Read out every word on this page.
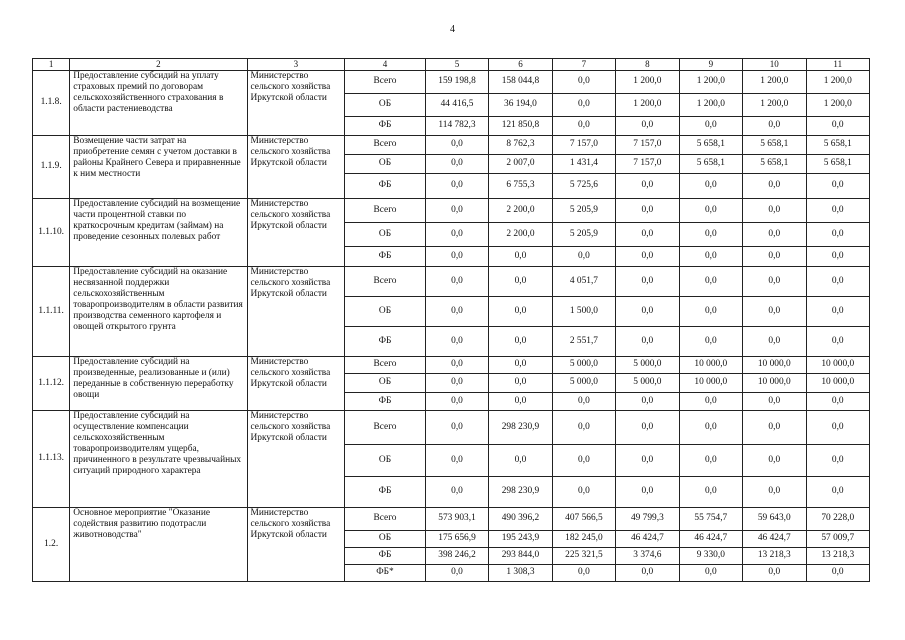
4
1	2	3	4	5	6	7	8	9	10	11
1.1.8.	Предоставление субсидий на уплату страховых премий по договорам сельскохозяйственного страхования в области растениеводства	Министерство сельского хозяйства Иркутской области	Всего	159 198,8	158 044,8	0,0	1 200,0	1 200,0	1 200,0	1 200,0
			ОБ	44 416,5	36 194,0	0,0	1 200,0	1 200,0	1 200,0	1 200,0
			ФБ	114 782,3	121 850,8	0,0	0,0	0,0	0,0	0,0
1.1.9.	Возмещение части затрат на приобретение семян с учетом доставки в районы Крайнего Севера и приравненные к ним местности	Министерство сельского хозяйства Иркутской области	Всего	0,0	8 762,3	7 157,0	7 157,0	5 658,1	5 658,1	5 658,1
			ОБ	0,0	2 007,0	1 431,4	7 157,0	5 658,1	5 658,1	5 658,1
			ФБ	0,0	6 755,3	5 725,6	0,0	0,0	0,0	0,0
1.1.10.	Предоставление субсидий на возмещение части процентной ставки по краткосрочным кредитам (займам) на проведение сезонных полевых работ	Министерство сельского хозяйства Иркутской области	Всего	0,0	2 200,0	5 205,9	0,0	0,0	0,0	0,0
			ОБ	0,0	2 200,0	5 205,9	0,0	0,0	0,0	0,0
			ФБ	0,0	0,0	0,0	0,0	0,0	0,0	0,0
1.1.11.	Предоставление субсидий на оказание несвязанной поддержки сельскохозяйственным товаропроизводителям в области развития производства семенного картофеля и овощей открытого грунта	Министерство сельского хозяйства Иркутской области	Всего	0,0	0,0	4 051,7	0,0	0,0	0,0	0,0
			ОБ	0,0	0,0	1 500,0	0,0	0,0	0,0	0,0
			ФБ	0,0	0,0	2 551,7	0,0	0,0	0,0	0,0
1.1.12.	Предоставление субсидий на произведенные, реализованные и (или) переданные в собственную переработку овощи	Министерство сельского хозяйства Иркутской области	Всего	0,0	0,0	5 000,0	5 000,0	10 000,0	10 000,0	10 000,0
			ОБ	0,0	0,0	5 000,0	5 000,0	10 000,0	10 000,0	10 000,0
			ФБ	0,0	0,0	0,0	0,0	0,0	0,0	0,0
1.1.13.	Предоставление субсидий на осуществление компенсации сельскохозяйственным товаропроизводителям ущерба, причиненного в результате чрезвычайных ситуаций природного характера	Министерство сельского хозяйства Иркутской области	Всего	0,0	298 230,9	0,0	0,0	0,0	0,0	0,0
			ОБ	0,0	0,0	0,0	0,0	0,0	0,0	0,0
			ФБ	0,0	298 230,9	0,0	0,0	0,0	0,0	0,0
1.2.	Основное мероприятие "Оказание содействия развитию подотрасли животноводства"	Министерство сельского хозяйства Иркутской области	Всего	573 903,1	490 396,2	407 566,5	49 799,3	55 754,7	59 643,0	70 228,0
			ОБ	175 656,9	195 243,9	182 245,0	46 424,7	46 424,7	46 424,7	57 009,7
			ФБ	398 246,2	293 844,0	225 321,5	3 374,6	9 330,0	13 218,3	13 218,3
			ФБ*	0,0	1 308,3	0,0	0,0	0,0	0,0	0,0
